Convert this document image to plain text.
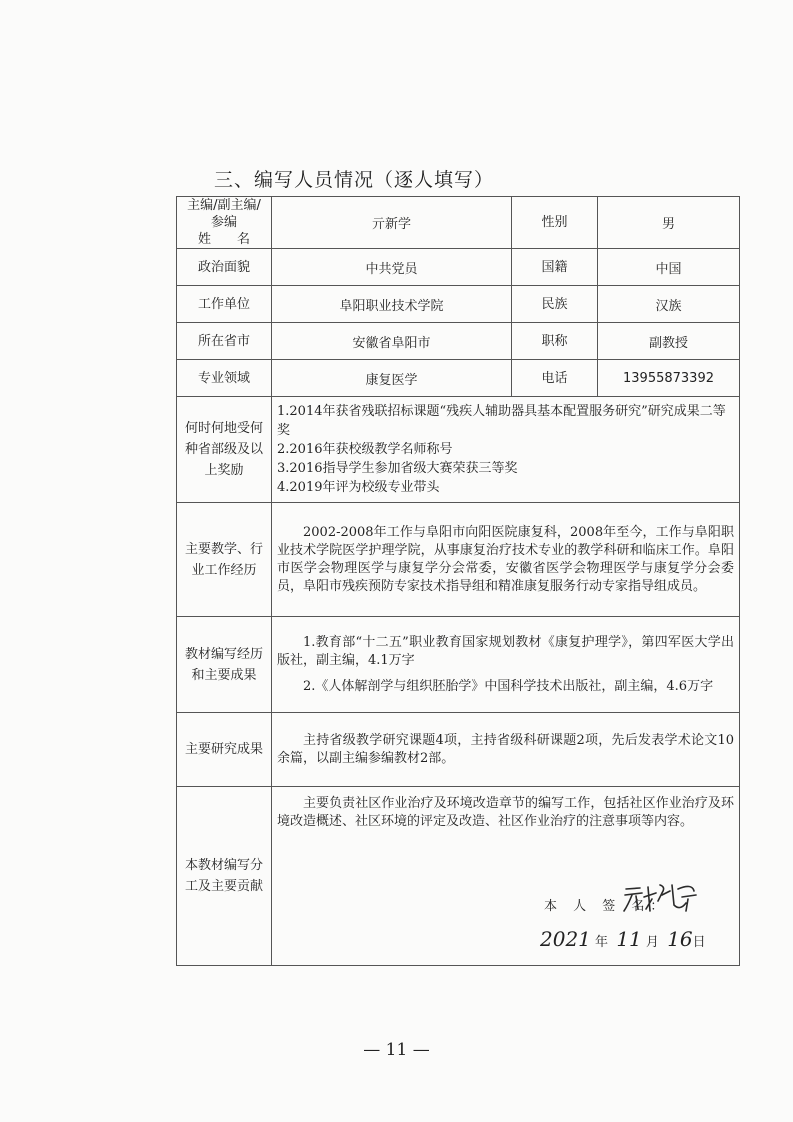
三、编写人员情况（逐人填写）
主编/副主编/参编
姓　　名	亓新学	性别	男
政治面貌	中共党员	国籍	中国
工作单位	阜阳职业技术学院	民族	汉族
所在省市	安徽省阜阳市	职称	副教授
专业领域	康复医学	电话	13955873392
何时何地受何种省部级及以上奖励	1.2014年获省残联招标课题“残疾人辅助器具基本配置服务研究”研究成果二等奖
2.2016年获校级教学名师称号
3.2016指导学生参加省级大赛荣获三等奖
4.2019年评为校级专业带头		

主要教学、行业工作经历	2002-2008年工作与阜阳市向阳医院康复科，2008年至今，工作与阜阳职业技术学院医学护理学院，从事康复治疗技术专业的教学科研和临床工作。阜阳市医学会物理医学与康复学分会常委，安徽省医学会物理医学与康复学分会委员，阜阳市残疾预防专家技术指导组和精准康复服务行动专家指导组成员。		
教材编写经历和主要成果	1.教育部“十二五”职业教育国家规划教材《康复护理学》，第四军医大学出版社，副主编，4.1万字
2.《人体解剖学与组织胚胎学》中国科学技术出版社，副主编，4.6万字		

主要研究成果	主持省级教学研究课题4项，主持省级科研课题2项，先后发表学术论文10余篇，以副主编参编教材2部。		
本教材编写分工及主要贡献	主要负责社区作业治疗及环境改造章节的编写工作，包括社区作业治疗及环境改造概述、社区环境的评定及改造、社区作业治疗的注意事项等内容。
本 人 签 名：
2021 年 11 月 16日		
— 11 —
